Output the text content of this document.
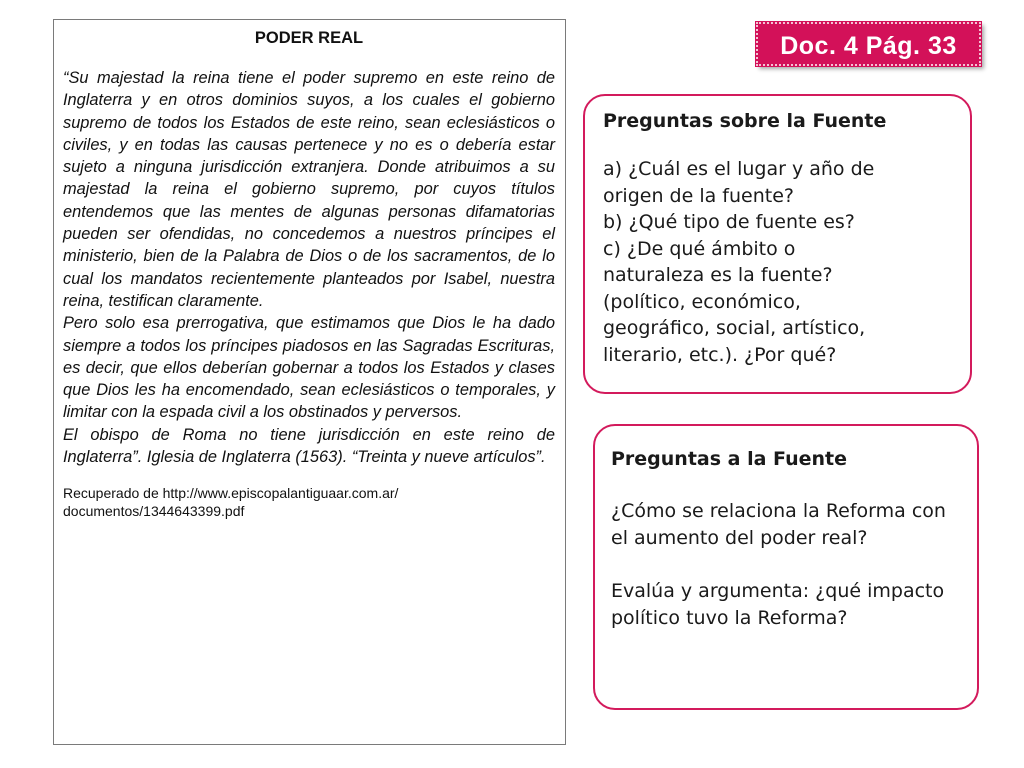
PODER REAL

“Su majestad la reina tiene el poder supremo en este reino de Inglaterra y en otros dominios suyos, a los cuales el gobierno supremo de todos los Estados de este reino, sean eclesiásticos o civiles, y en todas las causas pertenece y no es o debería estar sujeto a ninguna jurisdicción extranjera. Donde atribuimos a su majestad la reina el gobierno supremo, por cuyos títulos entendemos que las mentes de algunas personas difamatorias pueden ser ofendidas, no concedemos a nuestros príncipes el ministerio, bien de la Palabra de Dios o de los sacramentos, de lo cual los mandatos recientemente planteados por Isabel, nuestra reina, testifican claramente.

Pero solo esa prerrogativa, que estimamos que Dios le ha dado siempre a todos los príncipes piadosos en las Sagradas Escrituras, es decir, que ellos deberían gobernar a todos los Estados y clases que Dios les ha encomendado, sean eclesiásticos o temporales, y limitar con la espada civil a los obstinados y perversos.

El obispo de Roma no tiene jurisdicción en este reino de Inglaterra”. Iglesia de Inglaterra (1563). “Treinta y nueve artículos”.

Recuperado de http://www.episcopalantiguaar.com.ar/
documentos/1344643399.pdf
Doc. 4 Pág. 33
Preguntas sobre la Fuente
a) ¿Cuál es el lugar y año de
origen de la fuente?
b) ¿Qué tipo de fuente es?
c) ¿De qué ámbito o
naturaleza es la fuente?
(político, económico,
geográfico, social, artístico,
literario, etc.). ¿Por qué?
Preguntas a la Fuente
¿Cómo se relaciona la Reforma con el aumento del poder real?
Evalúa y argumenta: ¿qué impacto político tuvo la Reforma?
